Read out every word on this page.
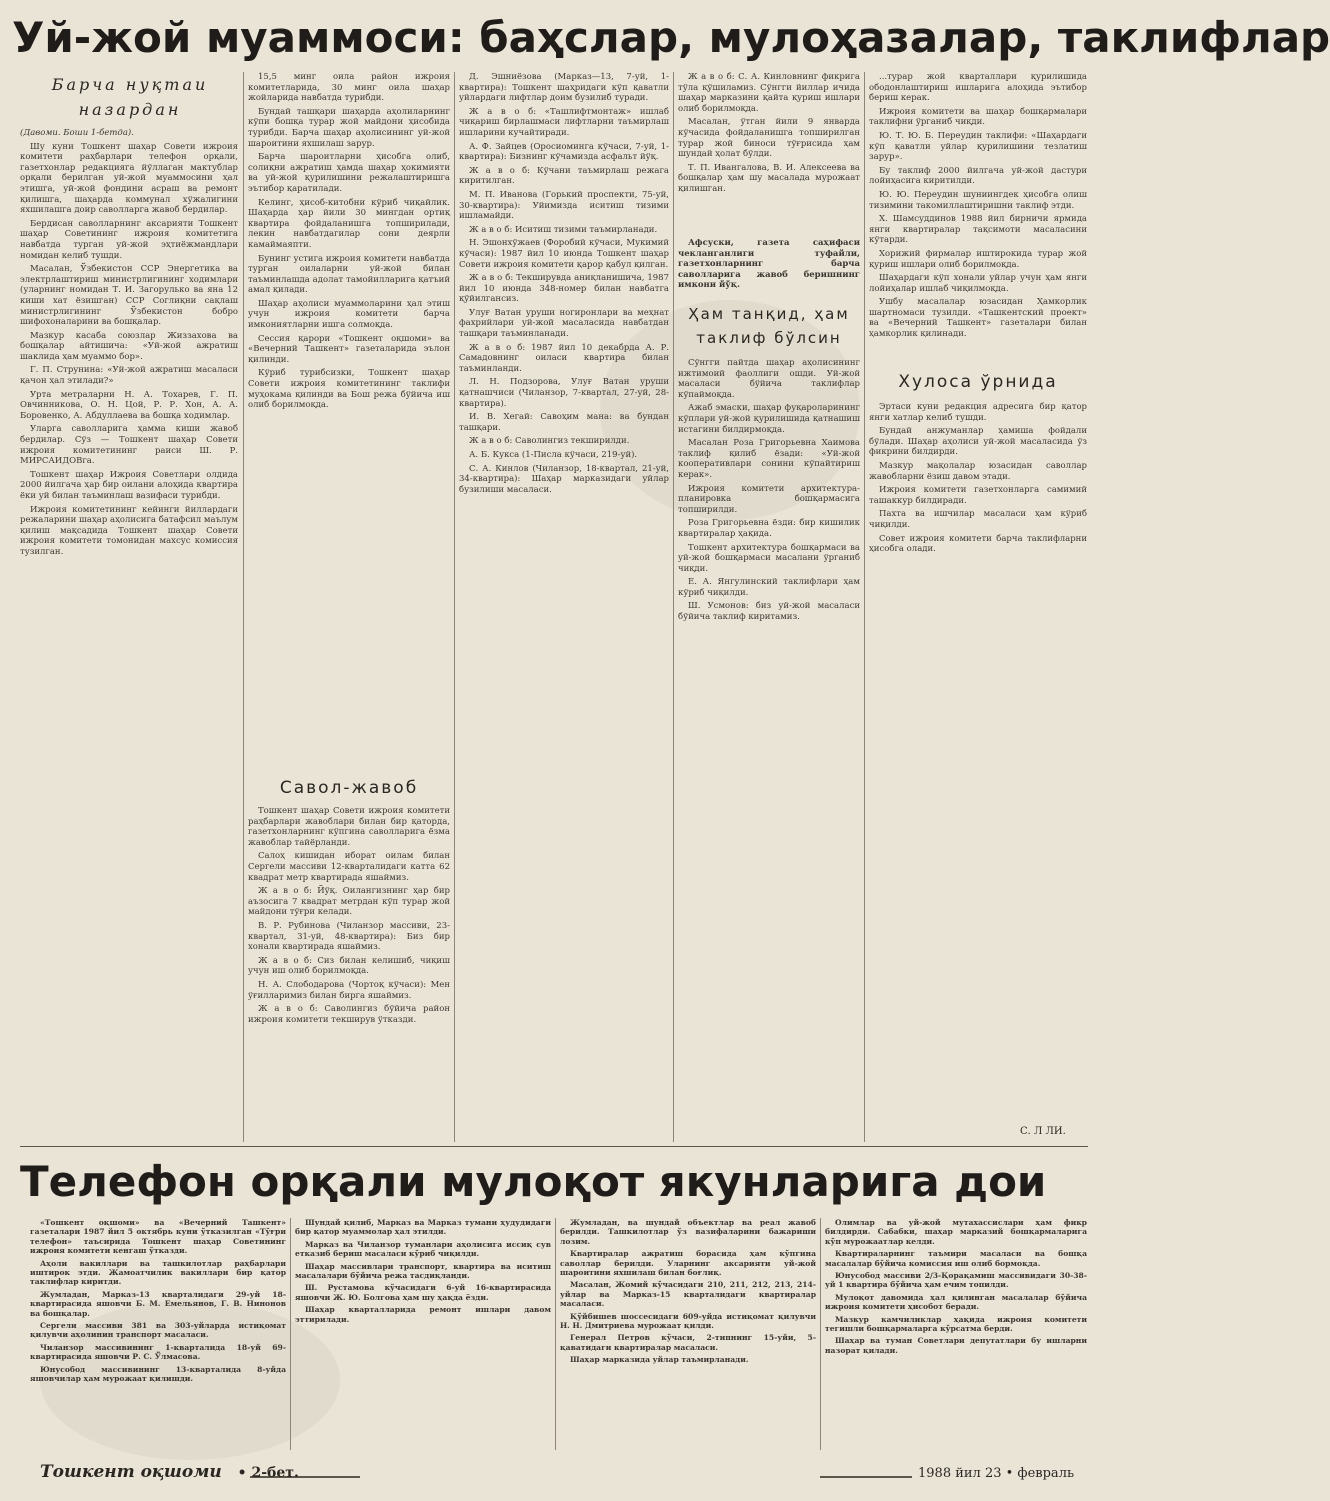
Уй-жой муаммоси: баҳслар, мулоҳазалар, таклифлар
Барча нуқтаи назардан

(Давоми. Боши 1-бетда).

Шу куни Тошкент шаҳар Совети ижроия комитети раҳбарлари телефон орқали, газетхонлар редакцияга йўллаган мактублар орқали берилган уй-жой муаммосини ҳал этишга, уй-жой фондини асраш ва ремонт қилишга, шаҳарда коммунал хўжалигини яхшилашга доир саволларга жавоб бердилар.

Бердисан саволларнинг аксарияти Тошкент шаҳар Советининг ижроия комитетига навбатда турган уй-жой эҳтиёжмандлари номидан келиб тушди.

Масалан, Ўзбекистон ССР Энергетика ва электрлаштириш министрлигининг ходимлари (уларнинг номидан Т. И. Загорулько ва яна 12 киши хат ёзишган) ССР Соглиқни сақлаш министрлигининг Ўзбекистон бобро шифохоналарини ва бошқалар.

Мазкур касаба союзлар Жиззахова ва бошқалар айтишича: «Уй-жой ажратиш шаклида ҳам муаммо бор».

Г. П. Струнина: «Уй-жой ажратиш масаласи қачон ҳал этилади?»

Урта метраларни Н. А. Тохарев, Г. П. Овчинникова, О. Н. Цой, Р. Р. Хон, А. А. Боровенко, А. Абдуллаева ва бошқа ходимлар.

Уларга саволларига ҳамма киши жавоб бердилар. Сўз — Тошкент шаҳар Совети ижроия комитетининг раиси Ш. Р. МИРСАИДОВга.

Тошкент шаҳар Ижроия Советлари олдида 2000 йилгача ҳар бир оилани алоҳида квартира ёки уй билан таъминлаш вазифаси турибди.

Ижроия комитетининг кейинги йиллардаги режаларини шаҳар аҳолисига батафсил маълум қилиш мақсадида Тошкент шаҳар Совети ижроия комитети томонидан махсус комиссия тузилган.

15,5 минг оила район ижроия комитетларида, 30 минг оила шаҳар жойларида навбатда турибди.

Бундай ташқари шаҳарда аҳолиларнинг кўпи бошқа турар жой майдони ҳисобида турибди. Барча шаҳар аҳолисининг уй-жой шароитини яхшилаш зарур.

Барча шароитларни ҳисобга олиб, солиқни ажратиш ҳамда шаҳар ҳокимияти ва уй-жой қурилишини режалаштиришга эътибор қаратилади.

Келинг, ҳисоб-китобни кўриб чиқайлик. Шаҳарда ҳар йили 30 мингдан ортиқ квартира фойдаланишга топширилади, лекин навбатдагилар сони деярли камаймаяпти.

Бунинг устига ижроия комитети навбатда турган оилаларни уй-жой билан таъминлашда адолат тамойилларига қатъий амал қилади.

Шаҳар аҳолиси муаммоларини ҳал этиш учун ижроия комитети барча имкониятларни ишга солмоқда.

Сессия қарори «Тошкент оқшоми» ва «Вечерний Ташкент» газеталарида эълон қилинди.

Кўриб турибсизки, Тошкент шаҳар Совети ижроия комитетининг таклифи муҳокама қилинди ва Бош режа бўйича иш олиб борилмоқда.

Савол-жавоб

Тошкент шаҳар Совети ижроия комитети раҳбарлари жавоблари билан бир қаторда, газетхонларнинг кўпгина саволларига ёзма жавоблар тайёрланди.

Салоҳ кишидан иборат оилам билан Сергели массиви 12-кварталидаги катта 62 квадрат метр квартирада яшаймиз.

Ж а в о б: Йўқ. Оилангизнинг ҳар бир аъзосига 7 квадрат метрдан кўп турар жой майдони тўғри келади.

В. Р. Рубинова (Чиланзор массиви, 23-квартал, 31-уй, 48-квартира): Биз бир хонали квартирада яшаймиз.

Ж а в о б: Сиз билан келишиб, чиқиш учун иш олиб борилмоқда.

Н. А. Слободарова (Чортоқ кўчаси): Мен ўғилларимиз билан бирга яшаймиз.

Ж а в о б: Саволингиз бўйича район ижроия комитети текширув ўтказди.

Д. Эшниёзова (Марказ—13, 7-уй, 1-квартира): Тошкент шаҳридаги кўп қаватли уйлардаги лифтлар доим бузилиб туради.

Ж а в о б: «Ташлифтмонтаж» ишлаб чиқариш бирлашмаси лифтларни таъмирлаш ишларини кучайтиради.

А. Ф. Зайцев (Оросиоминга кўчаси, 7-уй, 1-квартира): Бизнинг кўчамизда асфальт йўқ.

Ж а в о б: Кўчани таъмирлаш режага киритилган.

М. П. Иванова (Горький проспекти, 75-уй, 30-квартира): Уйимизда иситиш тизими ишламайди.

Ж а в о б: Иситиш тизими таъмирланади.

Н. Эшонхўжаев (Форобий кўчаси, Мукимий кўчаси): 1987 йил 10 июнда Тошкент шаҳар Совети ижроия комитети қарор қабул қилган.

Ж а в о б: Текширувда аниқланишича, 1987 йил 10 июнда 348-номер билан навбатга қўйилгансиз.

Улуғ Ватан уруши ногиронлари ва меҳнат фахрийлари уй-жой масаласида навбатдан ташқари таъминланади.

Ж а в о б: 1987 йил 10 декабрда А. Р. Самадовнинг оиласи квартира билан таъминланди.

Л. Н. Подзорова, Улуғ Ватан уруши қатнашчиси (Чиланзор, 7-квартал, 27-уй, 28-квартира).

И. В. Хегай: Савоҳим мана: ва бундан ташқари.

Ж а в о б: Саволингиз текширилди.

А. Б. Кукса (1-Писла кўчаси, 219-уй).

С. А. Кинлов (Чиланзор, 18-квартал, 21-уй, 34-квартира): Шаҳар марказидаги уйлар бузилиши масаласи.

Ж а в о б: С. А. Кинловнинг фикрига тўла қўшиламиз. Сўнгги йиллар ичида шаҳар марказини қайта қуриш ишлари олиб борилмоқда.

Масалан, ўтган йили 9 январда кўчасида фойдаланишга топширилган турар жой биноси тўғрисида ҳам шундай ҳолат бўлди.

Т. П. Ивангалова, В. И. Алексеева ва бошқалар ҳам шу масалада мурожаат қилишган.

Афсуски, газета саҳифаси чекланганлиги туфайли, газетхонларнинг барча саволларига жавоб беришнинг имкони йўқ.

Ҳам танқид, ҳам таклиф бўлсин

Сўнгги пайтда шаҳар аҳолисининг ижтимоий фаоллиги ошди. Уй-жой масаласи бўйича таклифлар кўпаймоқда.

Ажаб эмаски, шаҳар фуқароларининг кўплари уй-жой қурилишида қатнашиш истагини билдирмоқда.

Масалан Роза Григорьевна Хаимова таклиф қилиб ёзади: «Уй-жой кооперативлари сонини кўпайтириш керак».

Ижроия комитети архитектура-планировка бошқармасига топширилди.

Роза Григорьевна ёзди: бир кишилик квартиралар ҳақида.

Тошкент архитектура бошқармаси ва уй-жой бошқармаси масалани ўрганиб чиқди.

Е. А. Янгулинский таклифлари ҳам кўриб чиқилди.

Ш. Усмонов: биз уй-жой масаласи бўйича таклиф киритамиз.

...турар жой кварталлари қурилишида ободонлаштириш ишларига алоҳида эътибор бериш керак.

Ижроия комитети ва шаҳар бошқармалари таклифни ўрганиб чиқди.

Ю. Т. Ю. Б. Переудин таклифи: «Шаҳардаги кўп қаватли уйлар қурилишини тезлатиш зарур».

Бу таклиф 2000 йилгача уй-жой дастури лойиҳасига киритилди.

Ю. Ю. Переудин шуниингдек ҳисобга олиш тизимини такомиллаштиришни таклиф этди.

Х. Шамсуддинов 1988 йил бирничи ярмида янги квартиралар тақсимоти масаласини кўтарди.

Хорижий фирмалар иштирокида турар жой қуриш ишлари олиб борилмоқда.

Шаҳардаги кўп хонали уйлар учун ҳам янги лойиҳалар ишлаб чиқилмоқда.

Ушбу масалалар юзасидан Ҳамкорлик шартномаси тузилди. «Ташкентский проект» ва «Вечерний Ташкент» газеталари билан ҳамкорлик қилинади.

Хулоса ўрнида

Эртаси куни редакция адресига бир қатор янги хатлар келиб тушди.

Бундай анжуманлар ҳамиша фойдали бўлади. Шаҳар аҳолиси уй-жой масаласида ўз фикрини билдирди.

Мазкур мақолалар юзасидан саволлар жавобларни ёзиш давом этади.

Ижроия комитети газетхонларга самимий ташаккур билдиради.

Пахта ва ишчилар масаласи ҳам кўриб чиқилди.

Совет ижроия комитети барча таклифларни ҳисобга олади.

С. Л ЛИ.
Телефон орқали мулоқот якунларига дои

«Тошкент оқшоми» ва «Вечерний Ташкент» газеталари 1987 йил 5 октябрь куни ўтказилган «Тўғри телефон» таъсирида Тошкент шаҳар Советининг ижроия комитети кенгаш ўтказди.

Аҳоли вакиллари ва ташкилотлар раҳбарлари иштирок этди. Жамоатчилик вакиллари бир қатор таклифлар киритди.

Жумладан, Марказ-13 кварталидаги 29-уй 18-квартирасида яшовчи Б. М. Емельянов, Г. В. Нинонов ва бошқалар.

Сергели массиви 381 ва 303-уйларда истиқомат қилувчи аҳолинин транспорт масаласи.

Чиланзор массивининг 1-кварталида 18-уй 69-квартирасида яшовчи Р. С. Ўлмасова.

Юнусобод массивининг 13-кварталида 8-уйда яшовчилар ҳам мурожаат қилишди.

Шундай қилиб, Марказ ва Марказ тумани ҳудудидаги бир қатор муаммолар ҳал этилди.

Марказ ва Чиланзор туманлари аҳолисига иссиқ сув етказиб бериш масаласи кўриб чиқилди.

Шаҳар массивлари транспорт, квартира ва иситиш масалалари бўйича режа тасдиқланди.

Ш. Рустамова кўчасидаги 6-уй 16-квартирасида яшовчи Ж. Ю. Болгова ҳам шу ҳақда ёзди.

Шаҳар кварталларида ремонт ишлари давом эттирилади.

Жумладан, ва шундай объектлар ва реал жавоб берилди. Ташкилотлар ўз вазифаларини бажариши лозим.

Квартиралар ажратиш борасида ҳам кўпгина саволлар берилди. Уларнинг аксарияти уй-жой шароитини яхшилаш билан боғлиқ.

Масалан, Жомий кўчасидаги 210, 211, 212, 213, 214-уйлар ва Марказ-15 кварталидаги квартиралар масаласи.

Қўйбишев шоссесидаги 609-уйда истиқомат қилувчи Н. Н. Дмитриева мурожаат қилди.

Генерал Петров кўчаси, 2-типнинг 15-уйи, 5-қаватидаги квартиралар масаласи.

Шаҳар марказида уйлар таъмирланади.

Олимлар ва уй-жой мутахассислари ҳам фикр билдирди. Сабабки, шаҳар марказий бошқармаларига кўп мурожаатлар келди.

Квартираларнинг таъмири масаласи ва бошқа масалалар бўйича комиссия иш олиб бормоқда.

Юнусобод массиви 2/3-Қорақамиш массивидаги 30-38-уй 1 квартира бўйича ҳам ечим топилди.

Мулоқот давомида ҳал қилинган масалалар бўйича ижроия комитети ҳисобот беради.

Мазкур камчиликлар ҳақида ижроия комитети тегишли бошқармаларга кўрсатма берди.

Шаҳар ва туман Советлари депутатлари бу ишларни назорат қилади.

Тошкент оқшоми • 2-бет.	1988 йил 23 • февраль
